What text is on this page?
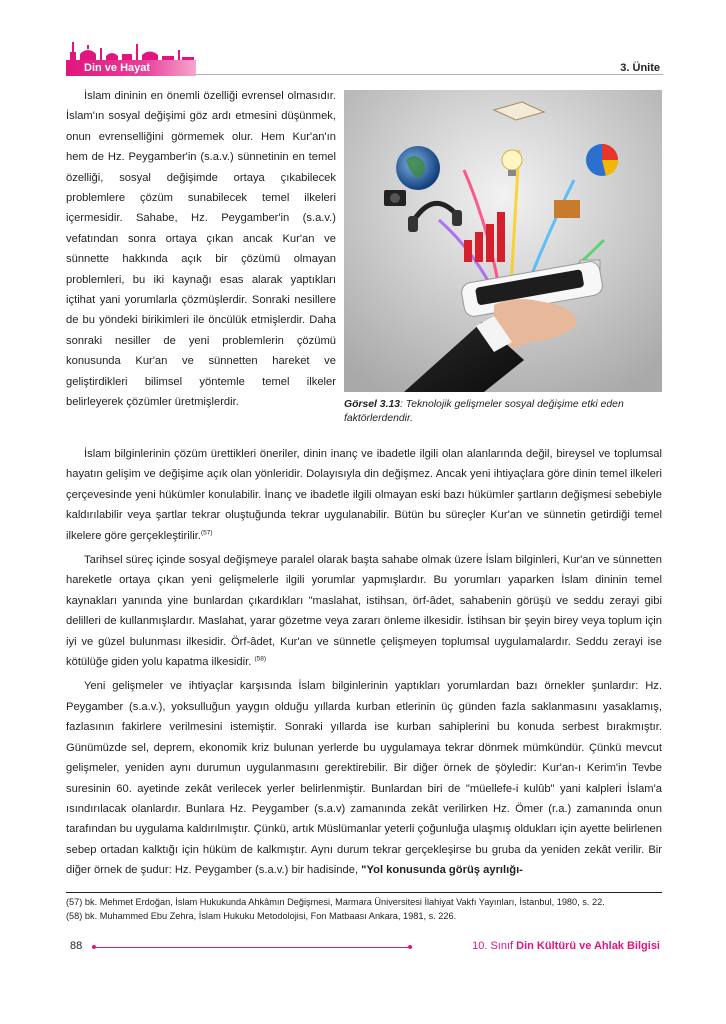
Din ve Hayat	3. Ünite

İslam dininin en önemli özelliği evrensel olmasıdır. İslam'ın sosyal değişimi göz ardı etmesini düşünmek, onun evrenselliğini görmemek olur. Hem Kur'an'ın hem de Hz. Peygamber'in (s.a.v.) sünnetinin en temel özelliği, sosyal değişimde ortaya çıkabilecek problemlere çözüm sunabilecek temel ilkeleri içermesidir. Sahabe, Hz. Peygamber'in (s.a.v.) vefatından sonra ortaya çıkan ancak Kur'an ve sünnette hakkında açık bir çözümü olmayan problemleri, bu iki kaynağı esas alarak yaptıkları içtihat yani yorumlarla çözmüşlerdir. Sonraki nesillere de bu yöndeki birikimleri ile öncülük etmişlerdir. Daha sonraki nesiller de yeni problemlerin çözümü konusunda Kur'an ve sünnetten hareket ve geliştirdikleri bilimsel yöntemle temel ilkeler belirleyerek çözümler üretmişlerdir.	Görsel 3.13: Teknolojik gelişmeler sosyal değişime etki eden faktörlerdendir.

İslam bilginlerinin çözüm ürettikleri öneriler, dinin inanç ve ibadetle ilgili olan alanlarında değil, bireysel ve toplumsal hayatın gelişim ve değişime açık olan yönleridir. Dolayısıyla din değişmez. Ancak yeni ihtiyaçlara göre dinin temel ilkeleri çerçevesinde yeni hükümler konulabilir. İnanç ve ibadetle ilgili olmayan eski bazı hükümler şartların değişmesi sebebiyle kaldırılabilir veya şartlar tekrar oluştuğunda tekrar uygulanabilir. Bütün bu süreçler Kur'an ve sünnetin getirdiği temel ilkelere göre gerçekleştirilir.$^{(57)}$

Tarihsel süreç içinde sosyal değişmeye paralel olarak başta sahabe olmak üzere İslam bilginleri, Kur'an ve sünnetten hareketle ortaya çıkan yeni gelişmelerle ilgili yorumlar yapmışlardır. Bu yorumları yaparken İslam dininin temel kaynakları yanında yine bunlardan çıkardıkları "maslahat, istihsan, örf-âdet, sahabenin görüşü ve seddu zerayi gibi delilleri de kullanmışlardır. Maslahat, yarar gözetme veya zararı önleme ilkesidir. İstihsan bir şeyin birey veya toplum için iyi ve güzel bulunması ilkesidir. Örf-âdet, Kur'an ve sünnetle çelişmeyen toplumsal uygulamalardır. Seddu zerayi ise kötülüğe giden yolu kapatma ilkesidir. $^{(58)}$

Yeni gelişmeler ve ihtiyaçlar karşısında İslam bilginlerinin yaptıkları yorumlardan bazı örnekler şunlardır: Hz. Peygamber (s.a.v.), yoksulluğun yaygın olduğu yıllarda kurban etlerinin üç günden fazla saklanmasını yasaklamış, fazlasının fakirlere verilmesini istemiştir. Sonraki yıllarda ise kurban sahiplerini bu konuda serbest bırakmıştır. Günümüzde sel, deprem, ekonomik kriz bulunan yerlerde bu uygulamaya tekrar dönmek mümkündür. Çünkü mevcut gelişmeler, yeniden aynı durumun uygulanmasını gerektirebilir. Bir diğer örnek de şöyledir: Kur'an-ı Kerim'in Tevbe suresinin 60. ayetinde zekât verilecek yerler belirlenmiştir. Bunlardan biri de "müellefe-i kulûb" yani kalpleri İslam'a ısındırılacak olanlardır. Bunlara Hz. Peygamber (s.a.v) zamanında zekât verilirken Hz. Ömer (r.a.) zamanında onun tarafından bu uygulama kaldırılmıştır. Çünkü, artık Müslümanlar yeterli çoğunluğa ulaşmış oldukları için ayette belirlenen sebep ortadan kalktığı için hüküm de kalkmıştır. Aynı durum tekrar gerçekleşirse bu gruba da yeniden zekât verilir. Bir diğer örnek de şudur: Hz. Peygamber (s.a.v.) bir hadisinde, "Yol konusunda görüş ayrılığı-

(57) bk. Mehmet Erdoğan, İslam Hukukunda Ahkâmın Değişmesi, Marmara Üniversitesi İlahiyat Vakfı Yayınları, İstanbul, 1980, s. 22.
(58) bk. Muhammed Ebu Zehra, İslam Hukuku Metodolojisi, Fon Matbaası Ankara, 1981, s. 226.
88	10. Sınıf Din Kültürü ve Ahlak Bilgisi
